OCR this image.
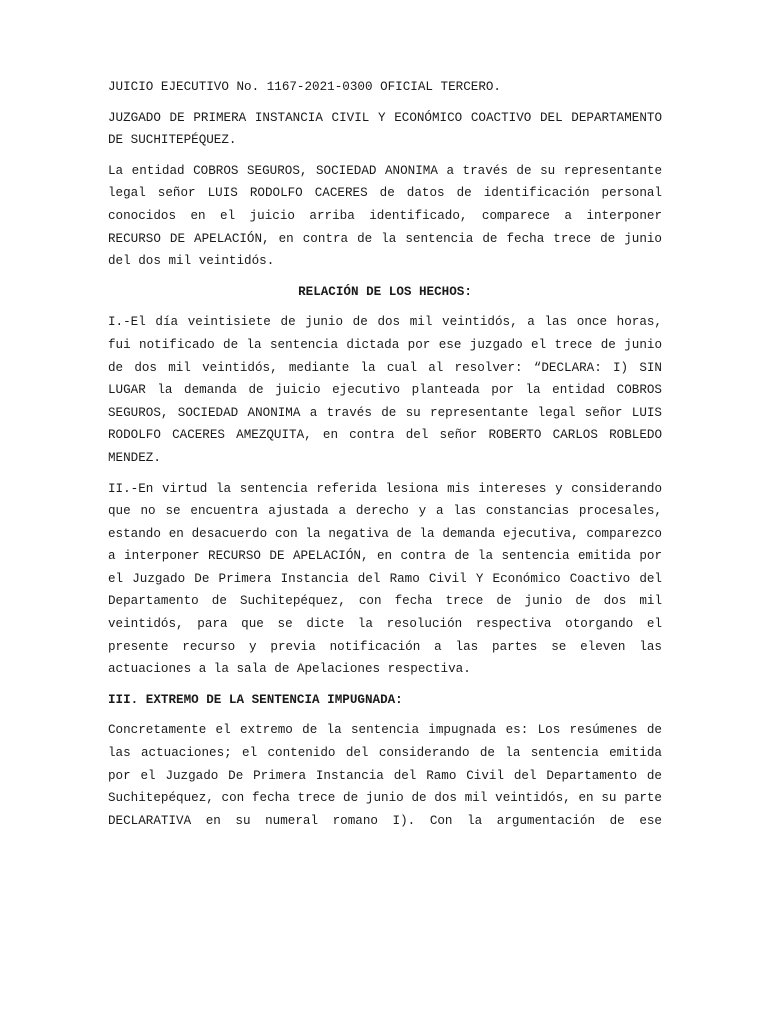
JUICIO EJECUTIVO No. 1167-2021-0300 OFICIAL TERCERO.

JUZGADO DE PRIMERA INSTANCIA CIVIL Y ECONÓMICO COACTIVO DEL DEPARTAMENTO DE SUCHITEPÉQUEZ.

La entidad COBROS SEGUROS, SOCIEDAD ANONIMA a través de su representante legal señor LUIS RODOLFO CACERES de datos de identificación personal conocidos en el juicio arriba identificado, comparece a interponer RECURSO DE APELACIÓN, en contra de la sentencia de fecha trece de junio del dos mil veintidós.

RELACIÓN DE LOS HECHOS:

I.-El día veintisiete de junio de dos mil veintidós, a las once horas, fui notificado de la sentencia dictada por ese juzgado el trece de junio de dos mil veintidós, mediante la cual al resolver: “DECLARA: I) SIN LUGAR la demanda de juicio ejecutivo planteada por la entidad COBROS SEGUROS, SOCIEDAD ANONIMA a través de su representante legal señor LUIS RODOLFO CACERES AMEZQUITA, en contra del señor ROBERTO CARLOS ROBLEDO MENDEZ.

II.-En virtud la sentencia referida lesiona mis intereses y considerando que no se encuentra ajustada a derecho y a las constancias procesales, estando en desacuerdo con la negativa de la demanda ejecutiva, comparezco a interponer RECURSO DE APELACIÓN, en contra de la sentencia emitida por el Juzgado De Primera Instancia del Ramo Civil Y Económico Coactivo del Departamento de Suchitepéquez, con fecha trece de junio de dos mil veintidós, para que se dicte la resolución respectiva otorgando el presente recurso y previa notificación a las partes se eleven las actuaciones a la sala de Apelaciones respectiva.

III. EXTREMO DE LA SENTENCIA IMPUGNADA:

Concretamente el extremo de la sentencia impugnada es: Los resúmenes de las actuaciones; el contenido del considerando de la sentencia emitida por el Juzgado De Primera Instancia del Ramo Civil del Departamento de Suchitepéquez, con fecha trece de junio de dos mil veintidós, en su parte DECLARATIVA en su numeral romano I). Con la argumentación de ese
